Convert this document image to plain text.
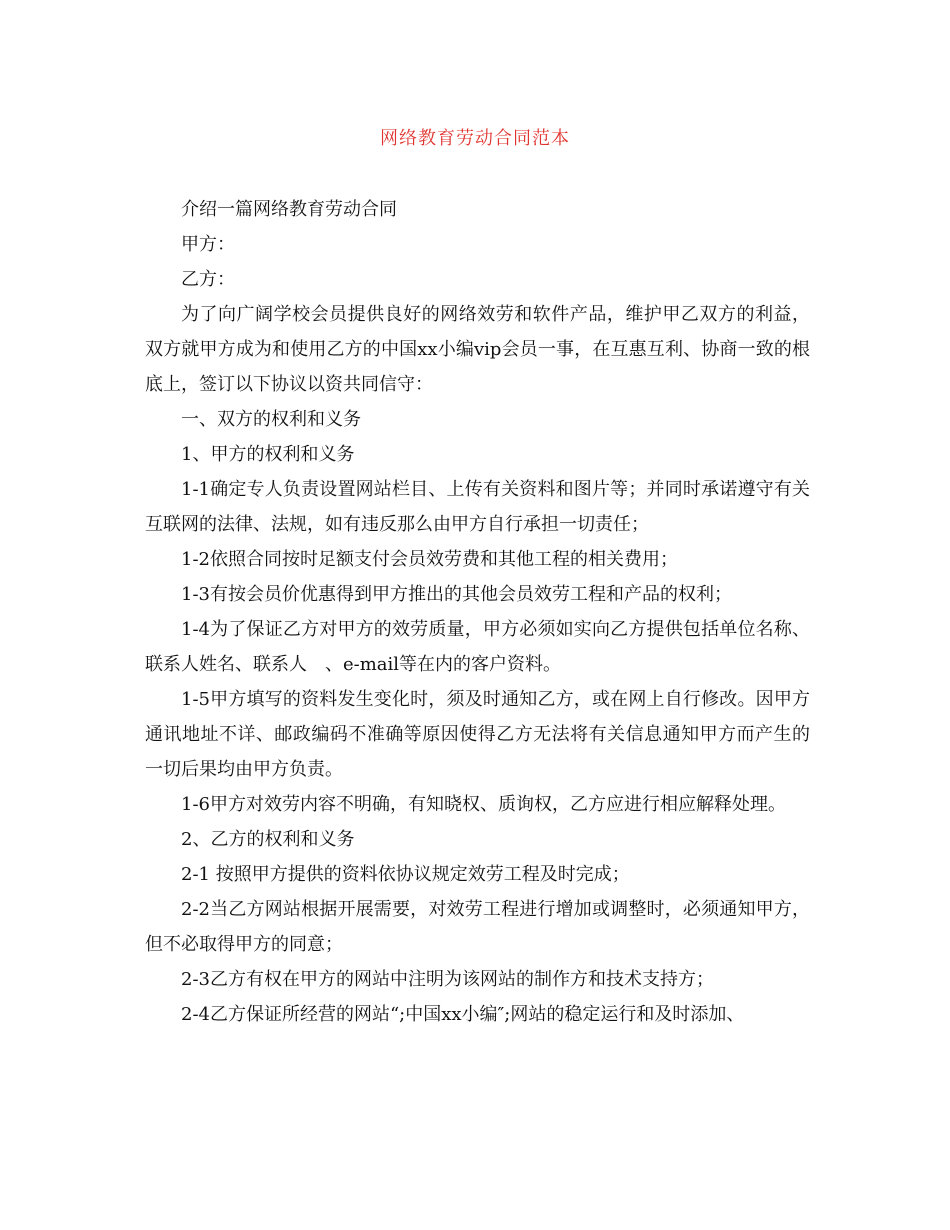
网络教育劳动合同范本

介绍一篇网络教育劳动合同

甲方：

乙方：

为了向广阔学校会员提供良好的网络效劳和软件产品，维护甲乙双方的利益，双方就甲方成为和使用乙方的中国xx小编vip会员一事，在互惠互利、协商一致的根底上，签订以下协议以资共同信守：

一、双方的权利和义务

1、甲方的权利和义务

1-1确定专人负责设置网站栏目、上传有关资料和图片等；并同时承诺遵守有关互联网的法律、法规，如有违反那么由甲方自行承担一切责任；

1-2依照合同按时足额支付会员效劳费和其他工程的相关费用；

1-3有按会员价优惠得到甲方推出的其他会员效劳工程和产品的权利；

1-4为了保证乙方对甲方的效劳质量，甲方必须如实向乙方提供包括单位名称、联系人姓名、联系人　、e-mail等在内的客户资料。

1-5甲方填写的资料发生变化时，须及时通知乙方，或在网上自行修改。因甲方通讯地址不详、邮政编码不准确等原因使得乙方无法将有关信息通知甲方而产生的一切后果均由甲方负责。

1-6甲方对效劳内容不明确，有知晓权、质询权，乙方应进行相应解释处理。

2、乙方的权利和义务

2-1 按照甲方提供的资料依协议规定效劳工程及时完成；

2-2当乙方网站根据开展需要，对效劳工程进行增加或调整时，必须通知甲方，但不必取得甲方的同意；

2-3乙方有权在甲方的网站中注明为该网站的制作方和技术支持方；

2-4乙方保证所经营的网站“;中国xx小编″;网站的稳定运行和及时添加、
